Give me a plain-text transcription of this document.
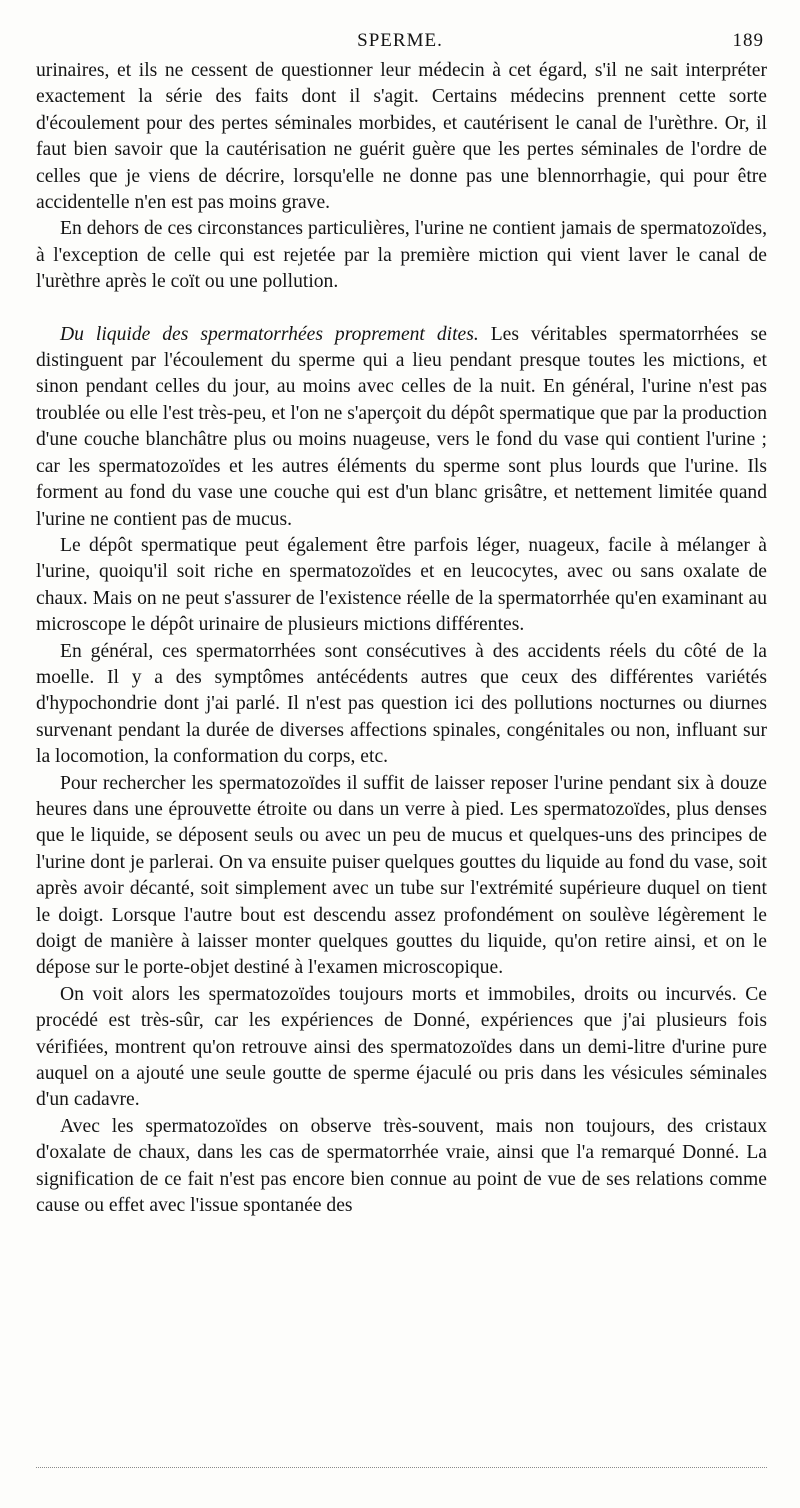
SPERME.	189

urinaires, et ils ne cessent de questionner leur médecin à cet égard, s'il ne sait interpréter exactement la série des faits dont il s'agit. Certains médecins prennent cette sorte d'écoulement pour des pertes séminales morbides, et cautérisent le canal de l'urèthre. Or, il faut bien savoir que la cautérisation ne guérit guère que les pertes séminales de l'ordre de celles que je viens de décrire, lorsqu'elle ne donne pas une blennorrhagie, qui pour être accidentelle n'en est pas moins grave.

En dehors de ces circonstances particulières, l'urine ne contient jamais de spermatozoïdes, à l'exception de celle qui est rejetée par la première miction qui vient laver le canal de l'urèthre après le coït ou une pollution.

Du liquide des spermatorrhées proprement dites. Les véritables spermatorrhées se distinguent par l'écoulement du sperme qui a lieu pendant presque toutes les mictions, et sinon pendant celles du jour, au moins avec celles de la nuit. En général, l'urine n'est pas troublée ou elle l'est très-peu, et l'on ne s'aperçoit du dépôt spermatique que par la production d'une couche blanchâtre plus ou moins nuageuse, vers le fond du vase qui contient l'urine ; car les spermatozoïdes et les autres éléments du sperme sont plus lourds que l'urine. Ils forment au fond du vase une couche qui est d'un blanc grisâtre, et nettement limitée quand l'urine ne contient pas de mucus.

Le dépôt spermatique peut également être parfois léger, nuageux, facile à mélanger à l'urine, quoiqu'il soit riche en spermatozoïdes et en leucocytes, avec ou sans oxalate de chaux. Mais on ne peut s'assurer de l'existence réelle de la spermatorrhée qu'en examinant au microscope le dépôt urinaire de plusieurs mictions différentes.

En général, ces spermatorrhées sont consécutives à des accidents réels du côté de la moelle. Il y a des symptômes antécédents autres que ceux des différentes variétés d'hypochondrie dont j'ai parlé. Il n'est pas question ici des pollutions nocturnes ou diurnes survenant pendant la durée de diverses affections spinales, congénitales ou non, influant sur la locomotion, la conformation du corps, etc.

Pour rechercher les spermatozoïdes il suffit de laisser reposer l'urine pendant six à douze heures dans une éprouvette étroite ou dans un verre à pied. Les spermatozoïdes, plus denses que le liquide, se déposent seuls ou avec un peu de mucus et quelques-uns des principes de l'urine dont je parlerai. On va ensuite puiser quelques gouttes du liquide au fond du vase, soit après avoir décanté, soit simplement avec un tube sur l'extrémité supérieure duquel on tient le doigt. Lorsque l'autre bout est descendu assez profondément on soulève légèrement le doigt de manière à laisser monter quelques gouttes du liquide, qu'on retire ainsi, et on le dépose sur le porte-objet destiné à l'examen microscopique.

On voit alors les spermatozoïdes toujours morts et immobiles, droits ou incurvés. Ce procédé est très-sûr, car les expériences de Donné, expériences que j'ai plusieurs fois vérifiées, montrent qu'on retrouve ainsi des spermatozoïdes dans un demi-litre d'urine pure auquel on a ajouté une seule goutte de sperme éjaculé ou pris dans les vésicules séminales d'un cadavre.

Avec les spermatozoïdes on observe très-souvent, mais non toujours, des cristaux d'oxalate de chaux, dans les cas de spermatorrhée vraie, ainsi que l'a remarqué Donné. La signification de ce fait n'est pas encore bien connue au point de vue de ses relations comme cause ou effet avec l'issue spontanée des
